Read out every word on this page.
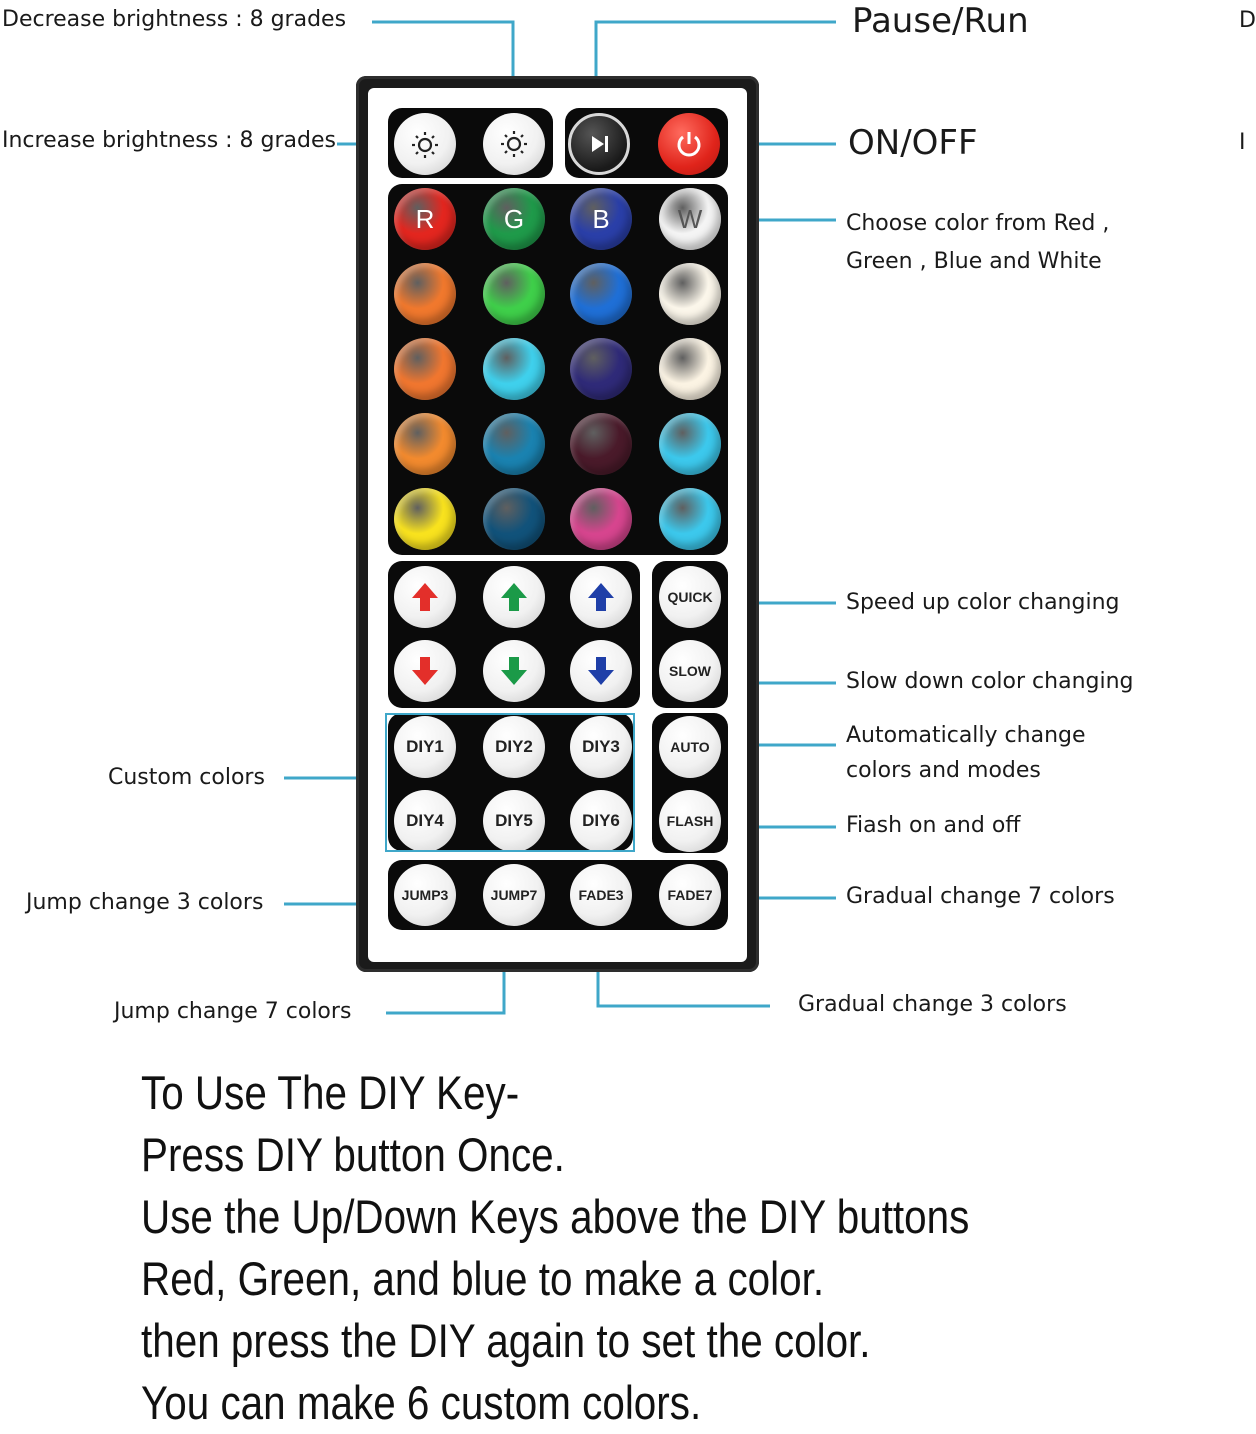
Decrease brightness : 8 grades
Increase brightness : 8 grades
Pause/Run
ON/OFF
Choose color from Red ,
Green , Blue and White
Speed up color changing
Slow down color changing
Automatically change
colors and modes
Fiash on and off
Gradual change 7 colors
Gradual change 3 colors
Custom colors
Jump change 3 colors
Jump change 7 colors
D
I
R	G	B	W
QUICK
SLOW
AUTO
FLASH
DIY1	DIY2	DIY3
DIY4	DIY5	DIY6
JUMP3	JUMP7	FADE3	FADE7
To Use The DIY Key-
Press DIY button Once.
Use the Up/Down Keys above the DIY buttons
Red, Green, and blue to make a color.
then press the DIY again to set the color.
You can make 6 custom colors.
